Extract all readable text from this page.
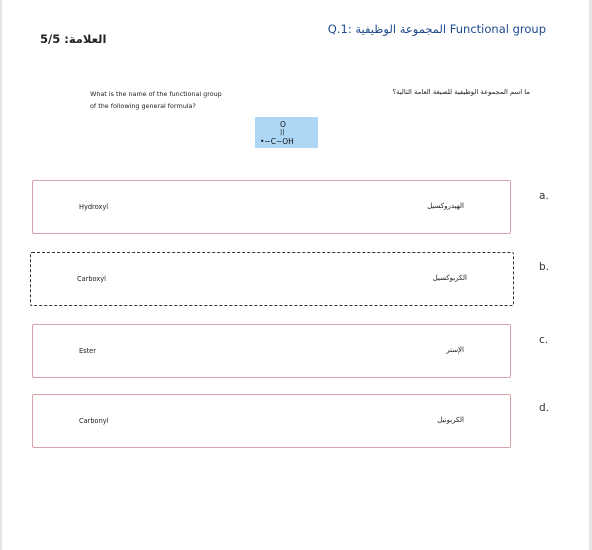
Functional group المجموعة الوظيفية :Q.1
العلامة: 5/5
What is the name of the functional group
of the following general formula?
ما اسم المجموعة الوظيفية للصيغة العامة التالية؟
O
||
•−C−OH
Hydroxyl	الهيدروكسيل
.a
Carboxyl	الكربوكسيل
.b
Ester	الإستر
.c
Carbonyl	الكربونيل
.d
